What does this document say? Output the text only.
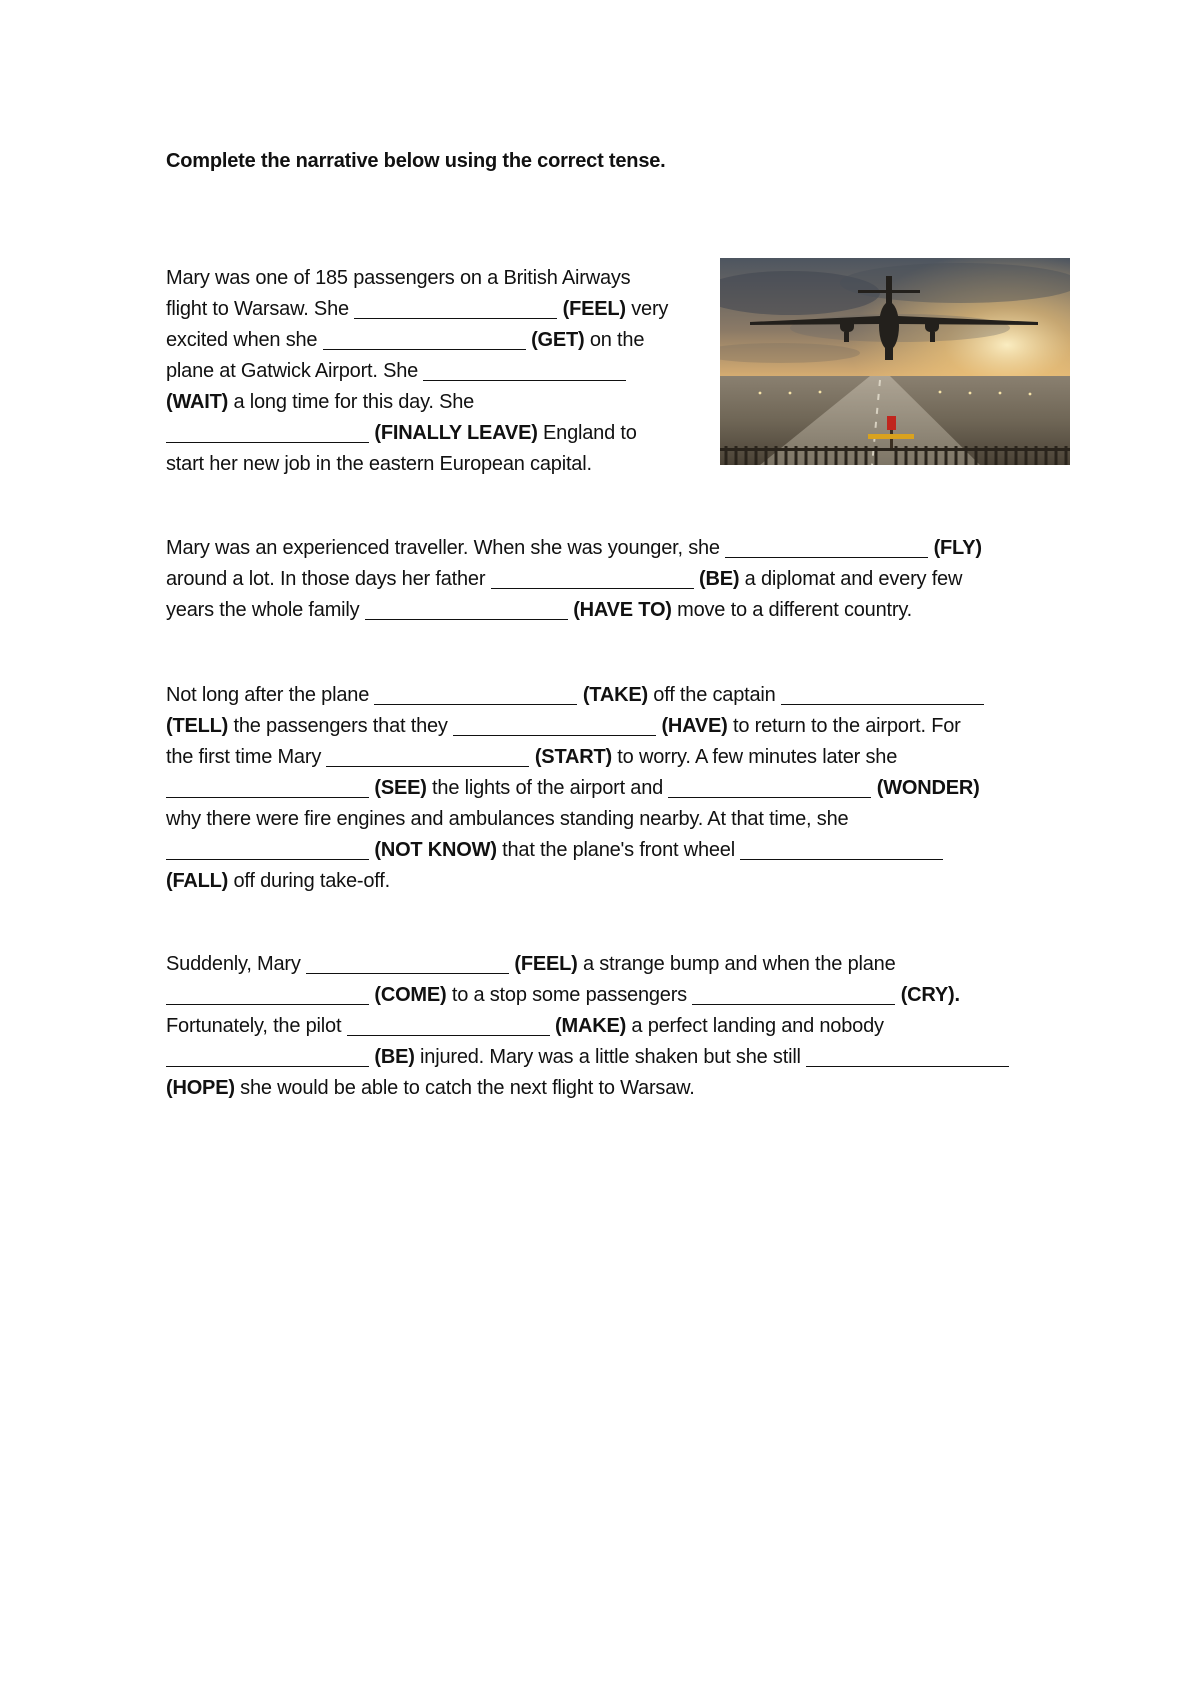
Complete the narrative below using the correct tense.
Mary was one of 185 passengers on a British Airways
flight to Warsaw. She	(FEEL) very
excited when she	(GET) on the
plane at Gatwick Airport. She
(WAIT) a long time for this day. She
(FINALLY LEAVE) England to
start her new job in the eastern European capital.
Mary was an experienced traveller. When she was younger, she	(FLY)
around a lot. In those days her father	(BE) a diplomat and every few
years the whole family	(HAVE TO) move to a different country.
Not long after the plane	(TAKE) off the captain
(TELL) the passengers that they	(HAVE) to return to the airport. For
the first time Mary	(START) to worry. A few minutes later she
(SEE) the lights of the airport and	(WONDER)
why there were fire engines and ambulances standing nearby. At that time, she
(NOT KNOW) that the plane's front wheel
(FALL) off during take-off.
Suddenly, Mary	(FEEL) a strange bump and when the plane
(COME) to a stop some passengers	(CRY).
Fortunately, the pilot	(MAKE) a perfect landing and nobody
(BE) injured. Mary was a little shaken but she still
(HOPE) she would be able to catch the next flight to Warsaw.
